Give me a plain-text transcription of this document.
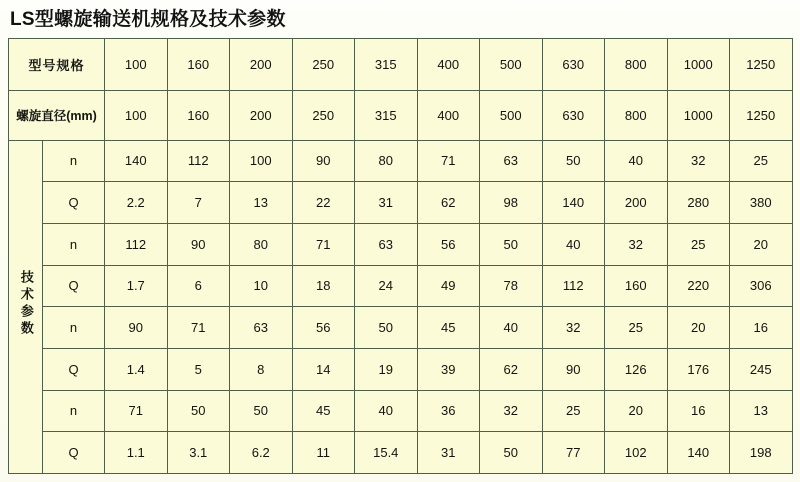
LS型螺旋输送机规格及技术参数
型号规格		100	160	200	250	315	400	500	630	800	1000	1250
螺旋直径(mm)		100	160	200	250	315	400	500	630	800	1000	1250
技术参数	n	140	112	100	90	80	71	63	50	40	32	25
	Q	2.2	7	13	22	31	62	98	140	200	280	380
	n	112	90	80	71	63	56	50	40	32	25	20
	Q	1.7	6	10	18	24	49	78	112	160	220	306
	n	90	71	63	56	50	45	40	32	25	20	16
	Q	1.4	5	8	14	19	39	62	90	126	176	245
	n	71	50	50	45	40	36	32	25	20	16	13
	Q	1.1	3.1	6.2	11	15.4	31	50	77	102	140	198
